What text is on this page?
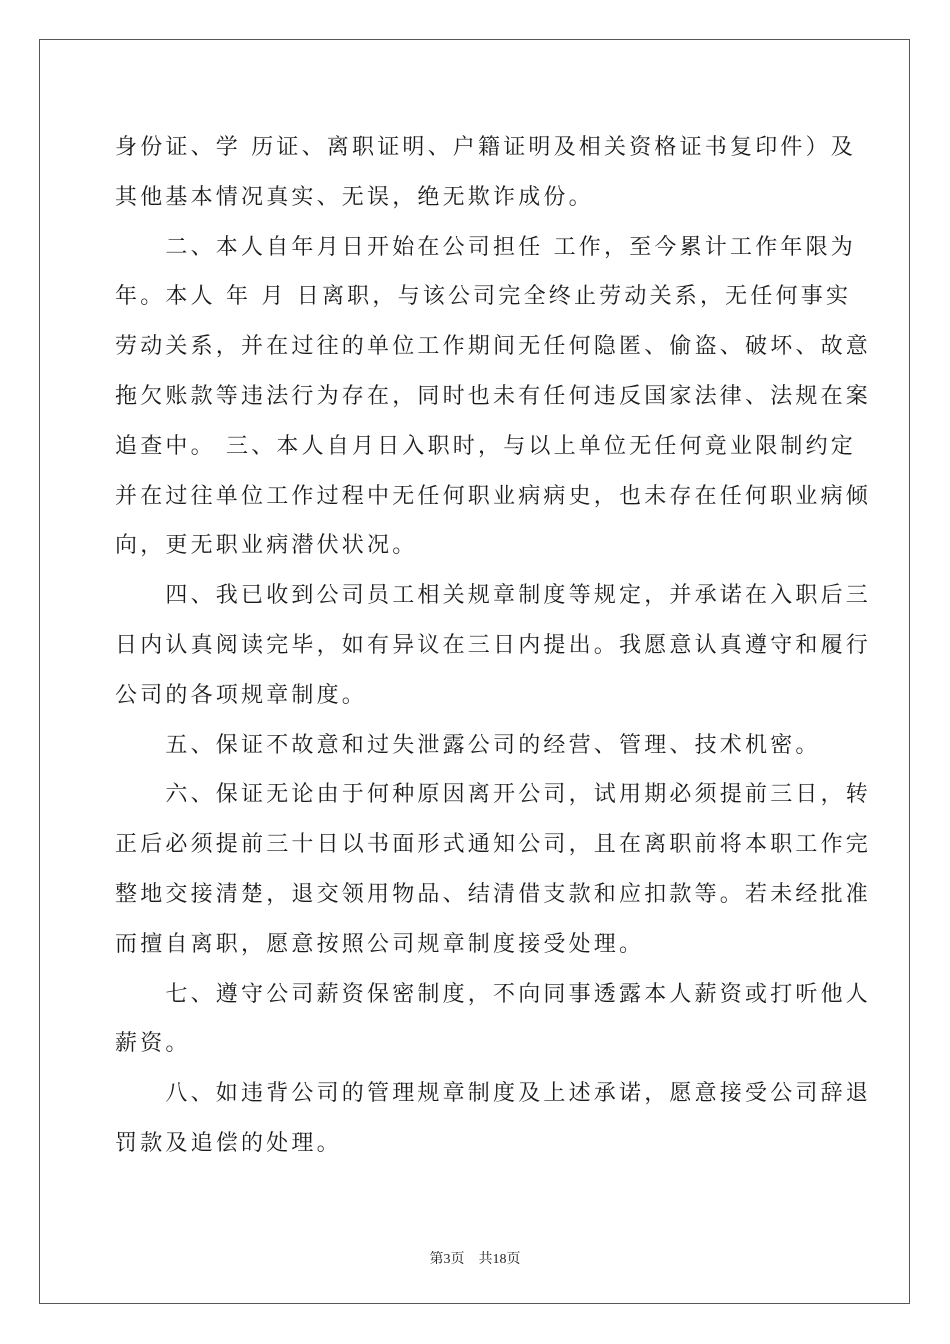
身份证、学 历证、离职证明、户籍证明及相关资格证书复印件）及
其他基本情况真实、无误，绝无欺诈成份。
　　二、本人自年月日开始在公司担任 工作，至今累计工作年限为
年。本人 年 月 日离职，与该公司完全终止劳动关系，无任何事实
劳动关系，并在过往的单位工作期间无任何隐匿、偷盗、破坏、故意
拖欠账款等违法行为存在，同时也未有任何违反国家法律、法规在案
追查中。 三、本人自月日入职时，与以上单位无任何竟业限制约定
并在过往单位工作过程中无任何职业病病史，也未存在任何职业病倾
向，更无职业病潜伏状况。
　　四、我已收到公司员工相关规章制度等规定，并承诺在入职后三
日内认真阅读完毕，如有异议在三日内提出。我愿意认真遵守和履行
公司的各项规章制度。
　　五、保证不故意和过失泄露公司的经营、管理、技术机密。
　　六、保证无论由于何种原因离开公司，试用期必须提前三日，转
正后必须提前三十日以书面形式通知公司，且在离职前将本职工作完
整地交接清楚，退交领用物品、结清借支款和应扣款等。若未经批准
而擅自离职，愿意按照公司规章制度接受处理。
　　七、遵守公司薪资保密制度，不向同事透露本人薪资或打听他人
薪资。
　　八、如违背公司的管理规章制度及上述承诺，愿意接受公司辞退
罚款及追偿的处理。
第3页　共18页
